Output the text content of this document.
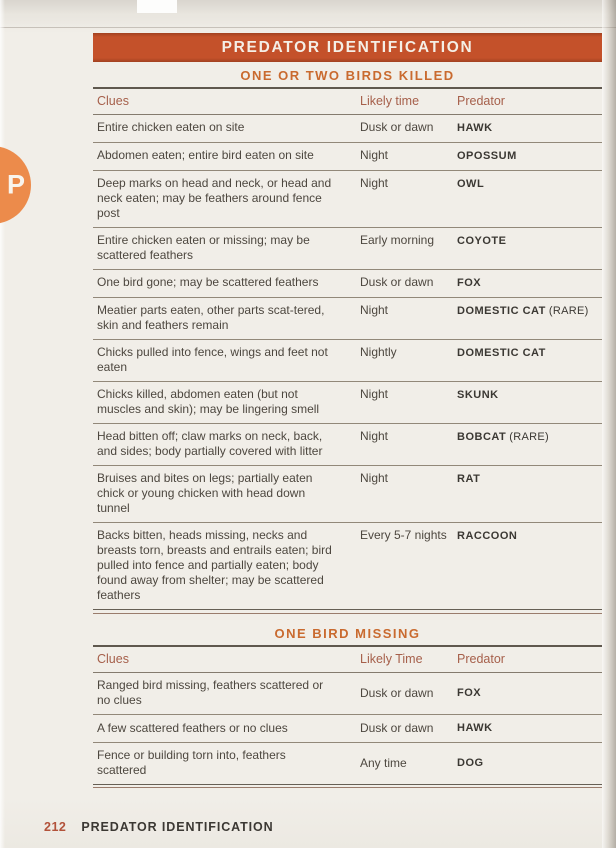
P
PREDATOR IDENTIFICATION
ONE OR TWO BIRDS KILLED
Clues	Likely time	Predator
Entire chicken eaten on site	Dusk or dawn	HAWK
Abdomen eaten; entire bird eaten on site	Night	OPOSSUM
Deep marks on head and neck, or head and neck eaten; may be feathers around fence post	Night	OWL
Entire chicken eaten or missing; may be scattered feathers	Early morning	COYOTE
One bird gone; may be scattered feathers	Dusk or dawn	FOX
Meatier parts eaten, other parts scat-tered, skin and feathers remain	Night	DOMESTIC CAT (RARE)
Chicks pulled into fence, wings and feet not eaten	Nightly	DOMESTIC CAT
Chicks killed, abdomen eaten (but not muscles and skin); may be lingering smell	Night	SKUNK
Head bitten off; claw marks on neck, back, and sides; body partially covered with litter	Night	BOBCAT (RARE)
Bruises and bites on legs; partially eaten chick or young chicken with head down tunnel	Night	RAT
Backs bitten, heads missing, necks and breasts torn, breasts and entrails eaten; bird pulled into fence and partially eaten; body found away from shelter; may be scattered feathers	Every 5-7 nights	RACCOON
ONE BIRD MISSING
Clues	Likely Time	Predator
Ranged bird missing, feathers scattered or no clues	Dusk or dawn	FOX
A few scattered feathers or no clues	Dusk or dawn	HAWK
Fence or building torn into, feathers scattered	Any time	DOG
212 PREDATOR IDENTIFICATION
